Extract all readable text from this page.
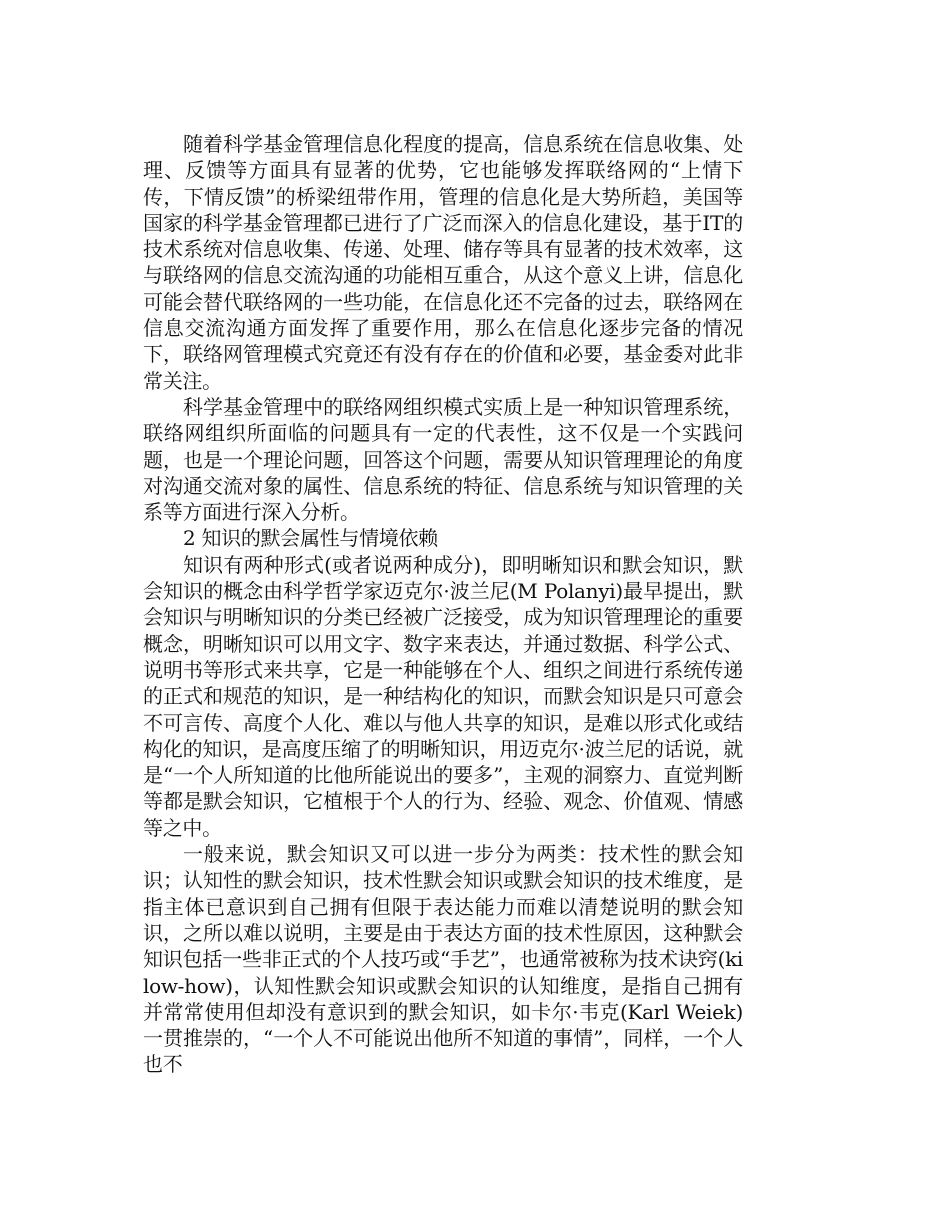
随着科学基金管理信息化程度的提高，信息系统在信息收集、处理、反馈等方面具有显著的优势，它也能够发挥联络网的“上情下传，下情反馈”的桥梁纽带作用，管理的信息化是大势所趋，美国等国家的科学基金管理都已进行了广泛而深入的信息化建设，基于IT的技术系统对信息收集、传递、处理、储存等具有显著的技术效率，这与联络网的信息交流沟通的功能相互重合，从这个意义上讲，信息化可能会替代联络网的一些功能，在信息化还不完备的过去，联络网在信息交流沟通方面发挥了重要作用，那么在信息化逐步完备的情况下，联络网管理模式究竟还有没有存在的价值和必要，基金委对此非常关注。

科学基金管理中的联络网组织模式实质上是一种知识管理系统，联络网组织所面临的问题具有一定的代表性，这不仅是一个实践问题，也是一个理论问题，回答这个问题，需要从知识管理理论的角度对沟通交流对象的属性、信息系统的特征、信息系统与知识管理的关系等方面进行深入分析。

2 知识的默会属性与情境依赖

知识有两种形式(或者说两种成分)，即明晰知识和默会知识，默会知识的概念由科学哲学家迈克尔·波兰尼(M Polanyi)最早提出，默会知识与明晰知识的分类已经被广泛接受，成为知识管理理论的重要概念，明晰知识可以用文字、数字来表达，并通过数据、科学公式、说明书等形式来共享，它是一种能够在个人、组织之间进行系统传递的正式和规范的知识，是一种结构化的知识，而默会知识是只可意会不可言传、高度个人化、难以与他人共享的知识，是难以形式化或结构化的知识，是高度压缩了的明晰知识，用迈克尔·波兰尼的话说，就是“一个人所知道的比他所能说出的要多”，主观的洞察力、直觉判断等都是默会知识，它植根于个人的行为、经验、观念、价值观、情感等之中。

一般来说，默会知识又可以进一步分为两类：技术性的默会知识；认知性的默会知识，技术性默会知识或默会知识的技术维度，是指主体已意识到自己拥有但限于表达能力而难以清楚说明的默会知识，之所以难以说明，主要是由于表达方面的技术性原因，这种默会知识包括一些非正式的个人技巧或“手艺”，也通常被称为技术诀窍(kilow-how)，认知性默会知识或默会知识的认知维度，是指自己拥有并常常使用但却没有意识到的默会知识，如卡尔·韦克(Karl Weiek)一贯推崇的，“一个人不可能说出他所不知道的事情”，同样，一个人也不
